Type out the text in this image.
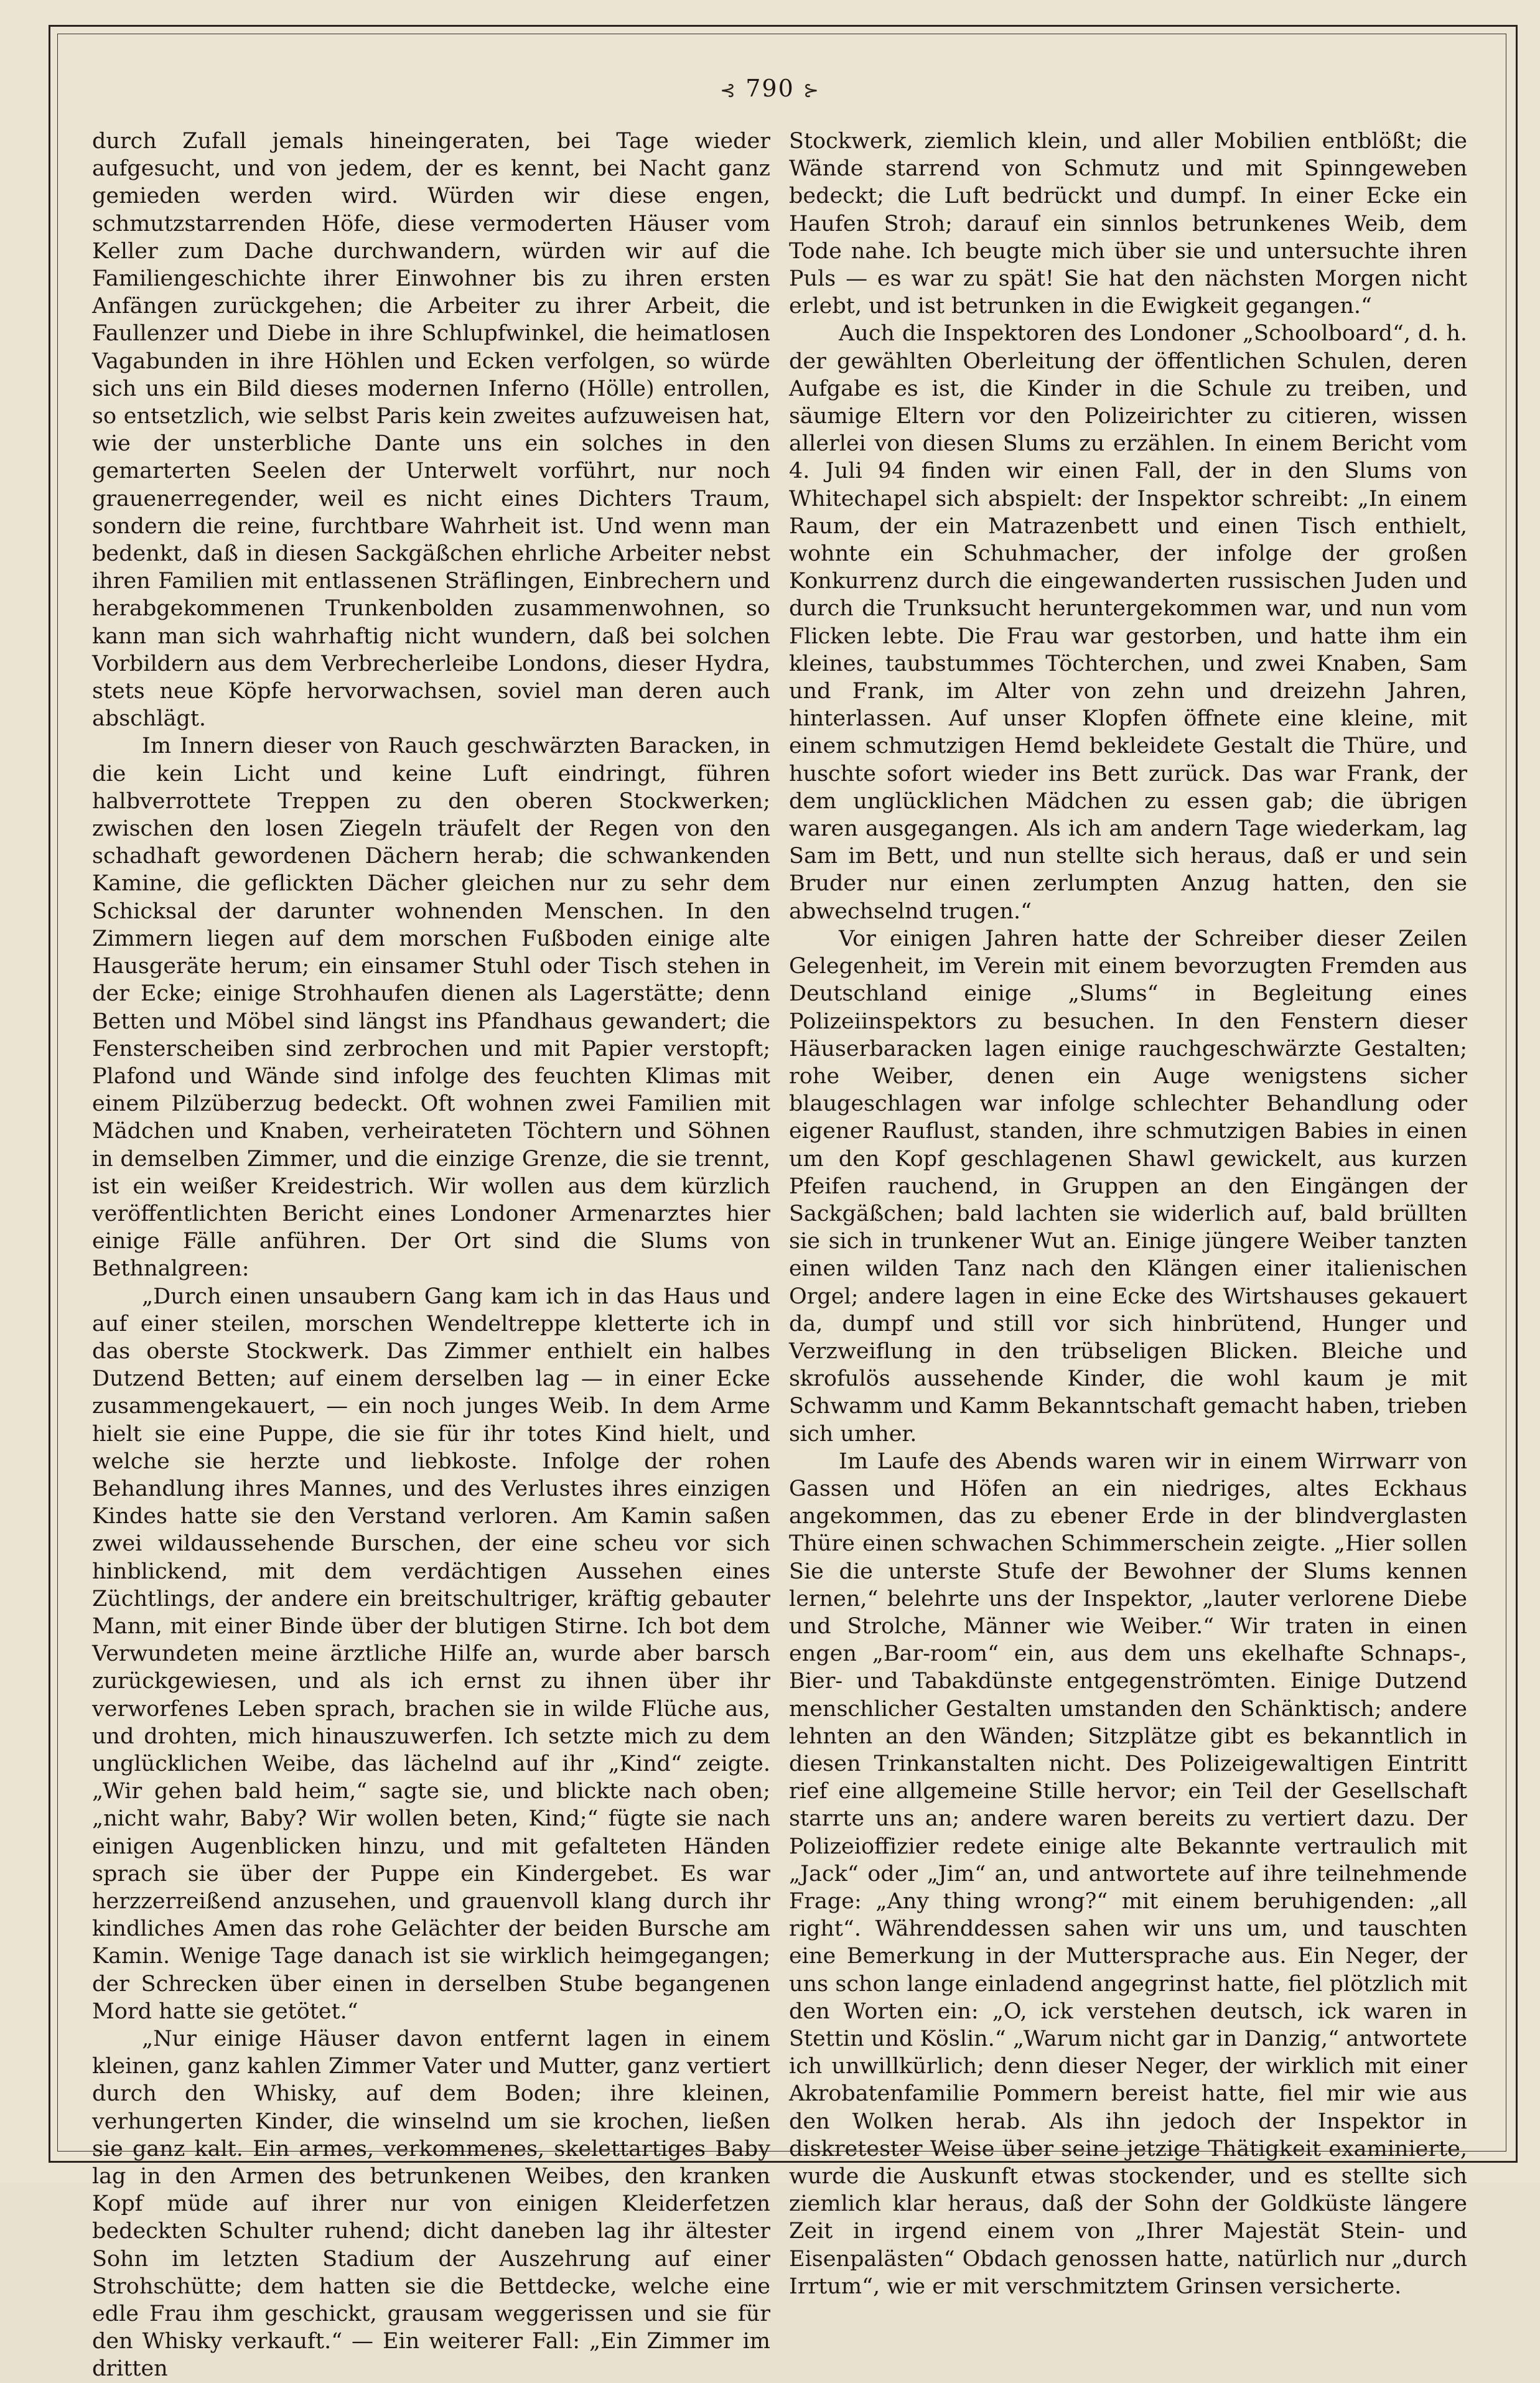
⊰ 790 ⊱

durch Zufall jemals hineingeraten, bei Tage wieder aufgesucht, und von jedem, der es kennt, bei Nacht ganz gemieden werden wird. Würden wir diese engen, schmutzstarrenden Höfe, diese vermoderten Häuser vom Keller zum Dache durchwandern, würden wir auf die Familiengeschichte ihrer Einwohner bis zu ihren ersten Anfängen zurückgehen; die Arbeiter zu ihrer Arbeit, die Faullenzer und Diebe in ihre Schlupfwinkel, die heimatlosen Vagabunden in ihre Höhlen und Ecken verfolgen, so würde sich uns ein Bild dieses modernen Inferno (Hölle) entrollen, so entsetzlich, wie selbst Paris kein zweites aufzuweisen hat, wie der unsterbliche Dante uns ein solches in den gemarterten Seelen der Unterwelt vorführt, nur noch grauenerregender, weil es nicht eines Dichters Traum, sondern die reine, furchtbare Wahrheit ist. Und wenn man bedenkt, daß in diesen Sackgäßchen ehrliche Arbeiter nebst ihren Familien mit entlassenen Sträflingen, Einbrechern und herabgekommenen Trunkenbolden zusammenwohnen, so kann man sich wahrhaftig nicht wundern, daß bei solchen Vorbildern aus dem Verbrecherleibe Londons, dieser Hydra, stets neue Köpfe hervorwachsen, soviel man deren auch abschlägt.

Im Innern dieser von Rauch geschwärzten Baracken, in die kein Licht und keine Luft eindringt, führen halbverrottete Treppen zu den oberen Stockwerken; zwischen den losen Ziegeln träufelt der Regen von den schadhaft gewordenen Dächern herab; die schwankenden Kamine, die geflickten Dächer gleichen nur zu sehr dem Schicksal der darunter wohnenden Menschen. In den Zimmern liegen auf dem morschen Fußboden einige alte Hausgeräte herum; ein einsamer Stuhl oder Tisch stehen in der Ecke; einige Strohhaufen dienen als Lagerstätte; denn Betten und Möbel sind längst ins Pfandhaus gewandert; die Fensterscheiben sind zerbrochen und mit Papier verstopft; Plafond und Wände sind infolge des feuchten Klimas mit einem Pilzüberzug bedeckt. Oft wohnen zwei Familien mit Mädchen und Knaben, verheirateten Töchtern und Söhnen in demselben Zimmer, und die einzige Grenze, die sie trennt, ist ein weißer Kreidestrich. Wir wollen aus dem kürzlich veröffentlichten Bericht eines Londoner Armenarztes hier einige Fälle anführen. Der Ort sind die Slums von Bethnalgreen:

„Durch einen unsaubern Gang kam ich in das Haus und auf einer steilen, morschen Wendeltreppe kletterte ich in das oberste Stockwerk. Das Zimmer enthielt ein halbes Dutzend Betten; auf einem derselben lag — in einer Ecke zusammengekauert, — ein noch junges Weib. In dem Arme hielt sie eine Puppe, die sie für ihr totes Kind hielt, und welche sie herzte und liebkoste. Infolge der rohen Behandlung ihres Mannes, und des Verlustes ihres einzigen Kindes hatte sie den Verstand verloren. Am Kamin saßen zwei wildaussehende Burschen, der eine scheu vor sich hinblickend, mit dem verdächtigen Aussehen eines Züchtlings, der andere ein breitschultriger, kräftig gebauter Mann, mit einer Binde über der blutigen Stirne. Ich bot dem Verwundeten meine ärztliche Hilfe an, wurde aber barsch zurückgewiesen, und als ich ernst zu ihnen über ihr verworfenes Leben sprach, brachen sie in wilde Flüche aus, und drohten, mich hinauszuwerfen. Ich setzte mich zu dem unglücklichen Weibe, das lächelnd auf ihr „Kind“ zeigte. „Wir gehen bald heim,“ sagte sie, und blickte nach oben; „nicht wahr, Baby? Wir wollen beten, Kind;“ fügte sie nach einigen Augenblicken hinzu, und mit gefalteten Händen sprach sie über der Puppe ein Kindergebet. Es war herzzerreißend anzusehen, und grauenvoll klang durch ihr kindliches Amen das rohe Gelächter der beiden Bursche am Kamin. Wenige Tage danach ist sie wirklich heimgegangen; der Schrecken über einen in derselben Stube begangenen Mord hatte sie getötet.“

„Nur einige Häuser davon entfernt lagen in einem kleinen, ganz kahlen Zimmer Vater und Mutter, ganz vertiert durch den Whisky, auf dem Boden; ihre kleinen, verhungerten Kinder, die winselnd um sie krochen, ließen sie ganz kalt. Ein armes, verkommenes, skelettartiges Baby lag in den Armen des betrunkenen Weibes, den kranken Kopf müde auf ihrer nur von einigen Kleiderfetzen bedeckten Schulter ruhend; dicht daneben lag ihr ältester Sohn im letzten Stadium der Auszehrung auf einer Strohschütte; dem hatten sie die Bettdecke, welche eine edle Frau ihm geschickt, grausam weggerissen und sie für den Whisky verkauft.“ — Ein weiterer Fall: „Ein Zimmer im dritten

Stockwerk, ziemlich klein, und aller Mobilien entblößt; die Wände starrend von Schmutz und mit Spinngeweben bedeckt; die Luft bedrückt und dumpf. In einer Ecke ein Haufen Stroh; darauf ein sinnlos betrunkenes Weib, dem Tode nahe. Ich beugte mich über sie und untersuchte ihren Puls — es war zu spät! Sie hat den nächsten Morgen nicht erlebt, und ist betrunken in die Ewigkeit gegangen.“

Auch die Inspektoren des Londoner „Schoolboard“, d. h. der gewählten Oberleitung der öffentlichen Schulen, deren Aufgabe es ist, die Kinder in die Schule zu treiben, und säumige Eltern vor den Polizeirichter zu citieren, wissen allerlei von diesen Slums zu erzählen. In einem Bericht vom 4. Juli 94 finden wir einen Fall, der in den Slums von Whitechapel sich abspielt: der Inspektor schreibt: „In einem Raum, der ein Matrazenbett und einen Tisch enthielt, wohnte ein Schuhmacher, der infolge der großen Konkurrenz durch die eingewanderten russischen Juden und durch die Trunksucht heruntergekommen war, und nun vom Flicken lebte. Die Frau war gestorben, und hatte ihm ein kleines, taubstummes Töchterchen, und zwei Knaben, Sam und Frank, im Alter von zehn und dreizehn Jahren, hinterlassen. Auf unser Klopfen öffnete eine kleine, mit einem schmutzigen Hemd bekleidete Gestalt die Thüre, und huschte sofort wieder ins Bett zurück. Das war Frank, der dem unglücklichen Mädchen zu essen gab; die übrigen waren ausgegangen. Als ich am andern Tage wiederkam, lag Sam im Bett, und nun stellte sich heraus, daß er und sein Bruder nur einen zerlumpten Anzug hatten, den sie abwechselnd trugen.“

Vor einigen Jahren hatte der Schreiber dieser Zeilen Gelegenheit, im Verein mit einem bevorzugten Fremden aus Deutschland einige „Slums“ in Begleitung eines Polizeiinspektors zu besuchen. In den Fenstern dieser Häuserbaracken lagen einige rauchgeschwärzte Gestalten; rohe Weiber, denen ein Auge wenigstens sicher blaugeschlagen war infolge schlechter Behandlung oder eigener Rauflust, standen, ihre schmutzigen Babies in einen um den Kopf geschlagenen Shawl gewickelt, aus kurzen Pfeifen rauchend, in Gruppen an den Eingängen der Sackgäßchen; bald lachten sie widerlich auf, bald brüllten sie sich in trunkener Wut an. Einige jüngere Weiber tanzten einen wilden Tanz nach den Klängen einer italienischen Orgel; andere lagen in eine Ecke des Wirtshauses gekauert da, dumpf und still vor sich hinbrütend, Hunger und Verzweiflung in den trübseligen Blicken. Bleiche und skrofulös aussehende Kinder, die wohl kaum je mit Schwamm und Kamm Bekanntschaft gemacht haben, trieben sich umher.

Im Laufe des Abends waren wir in einem Wirrwarr von Gassen und Höfen an ein niedriges, altes Eckhaus angekommen, das zu ebener Erde in der blindverglasten Thüre einen schwachen Schimmerschein zeigte. „Hier sollen Sie die unterste Stufe der Bewohner der Slums kennen lernen,“ belehrte uns der Inspektor, „lauter verlorene Diebe und Strolche, Männer wie Weiber.“ Wir traten in einen engen „Bar-room“ ein, aus dem uns ekelhafte Schnaps-, Bier- und Tabakdünste entgegenströmten. Einige Dutzend menschlicher Gestalten umstanden den Schänktisch; andere lehnten an den Wänden; Sitzplätze gibt es bekanntlich in diesen Trinkanstalten nicht. Des Polizeigewaltigen Eintritt rief eine allgemeine Stille hervor; ein Teil der Gesellschaft starrte uns an; andere waren bereits zu vertiert dazu. Der Polizeioffizier redete einige alte Bekannte vertraulich mit „Jack“ oder „Jim“ an, und antwortete auf ihre teilnehmende Frage: „Any thing wrong?“ mit einem beruhigenden: „all right“. Währenddessen sahen wir uns um, und tauschten eine Bemerkung in der Muttersprache aus. Ein Neger, der uns schon lange einladend angegrinst hatte, fiel plötzlich mit den Worten ein: „O, ick verstehen deutsch, ick waren in Stettin und Köslin.“ „Warum nicht gar in Danzig,“ antwortete ich unwillkürlich; denn dieser Neger, der wirklich mit einer Akrobatenfamilie Pommern bereist hatte, fiel mir wie aus den Wolken herab. Als ihn jedoch der Inspektor in diskretester Weise über seine jetzige Thätigkeit examinierte, wurde die Auskunft etwas stockender, und es stellte sich ziemlich klar heraus, daß der Sohn der Goldküste längere Zeit in irgend einem von „Ihrer Majestät Stein- und Eisenpalästen“ Obdach genossen hatte, natürlich nur „durch Irrtum“, wie er mit verschmitztem Grinsen versicherte.
